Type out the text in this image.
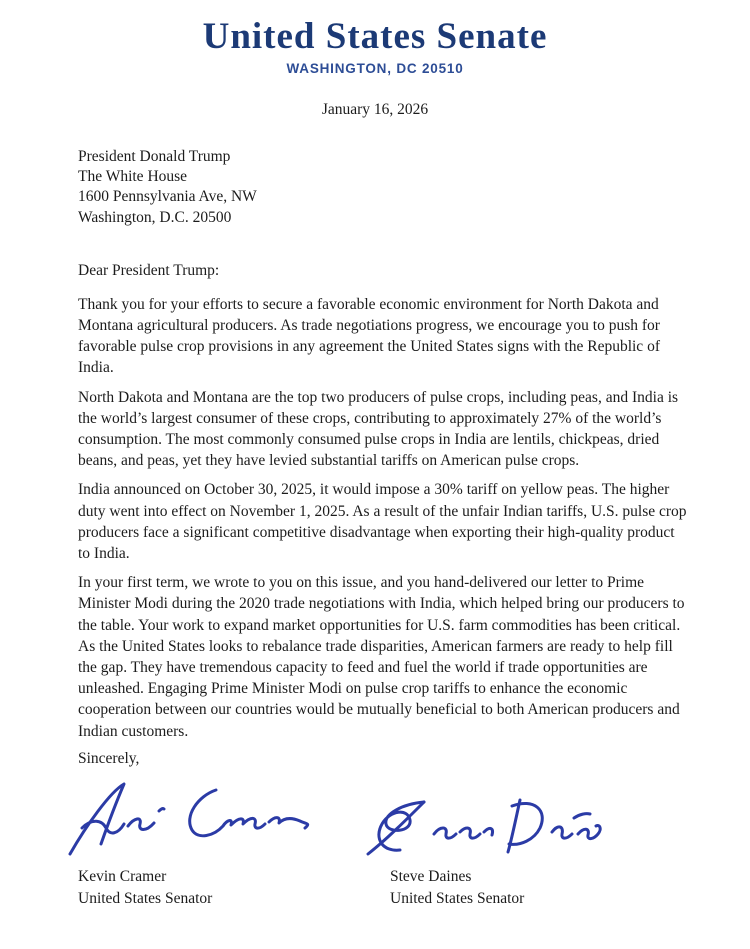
United States Senate
WASHINGTON, DC 20510
January 16, 2026
President Donald Trump
The White House
1600 Pennsylvania Ave, NW
Washington, D.C. 20500
Dear President Trump:

Thank you for your efforts to secure a favorable economic environment for North Dakota and Montana agricultural producers. As trade negotiations progress, we encourage you to push for favorable pulse crop provisions in any agreement the United States signs with the Republic of India.

North Dakota and Montana are the top two producers of pulse crops, including peas, and India is the world’s largest consumer of these crops, contributing to approximately 27% of the world’s consumption. The most commonly consumed pulse crops in India are lentils, chickpeas, dried beans, and peas, yet they have levied substantial tariffs on American pulse crops.

India announced on October 30, 2025, it would impose a 30% tariff on yellow peas. The higher duty went into effect on November 1, 2025. As a result of the unfair Indian tariffs, U.S. pulse crop producers face a significant competitive disadvantage when exporting their high-quality product to India.

In your first term, we wrote to you on this issue, and you hand-delivered our letter to Prime Minister Modi during the 2020 trade negotiations with India, which helped bring our producers to the table. Your work to expand market opportunities for U.S. farm commodities has been critical. As the United States looks to rebalance trade disparities, American farmers are ready to help fill the gap. They have tremendous capacity to feed and fuel the world if trade opportunities are unleashed. Engaging Prime Minister Modi on pulse crop tariffs to enhance the economic cooperation between our countries would be mutually beneficial to both American producers and Indian customers.

Sincerely,
Kevin Cramer
United States Senator
Steve Daines
United States Senator
